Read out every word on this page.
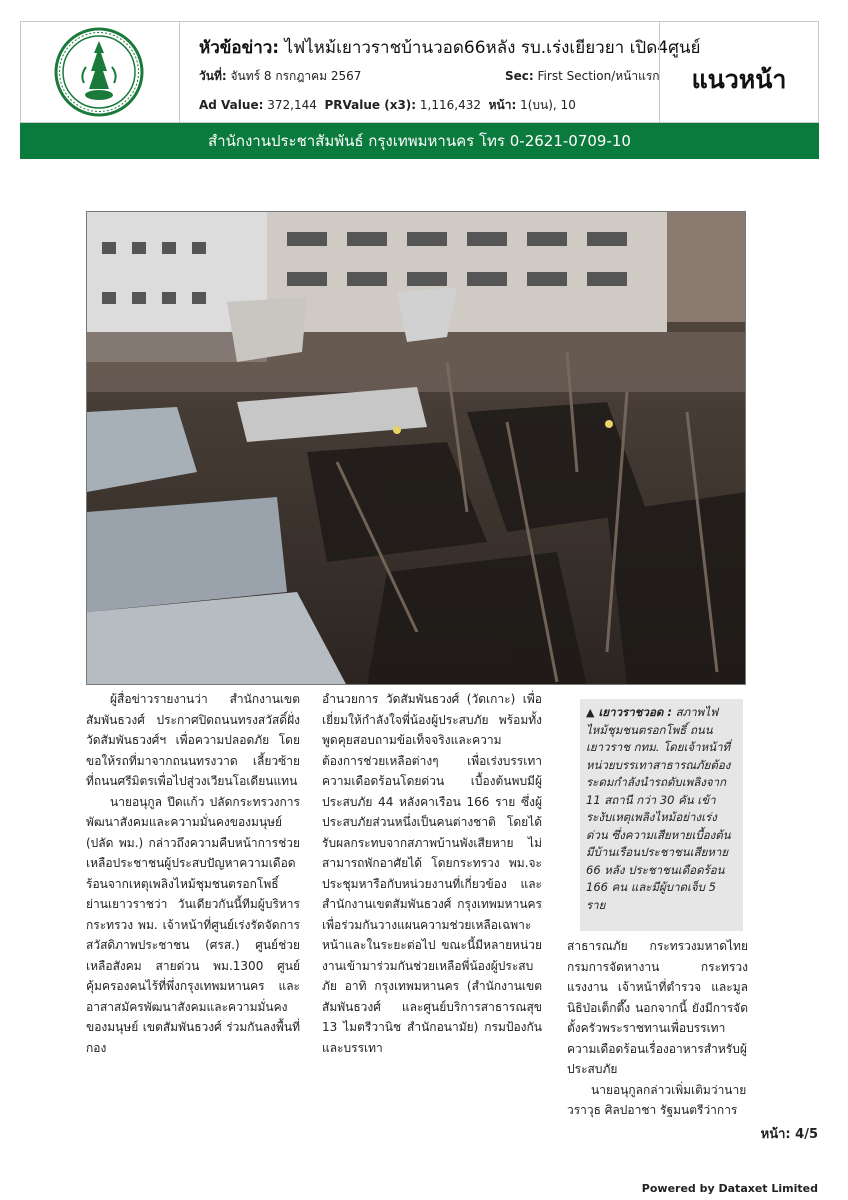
หัวข้อข่าว: ไฟไหม้เยาวราชบ้านวอด66หลัง รบ.เร่งเยียวยา เปิด4ศูนย์
วันที่: จันทร์ 8 กรกฎาคม 2567	Sec: First Section/หน้าแรก
Ad Value: 372,144 PRValue (x3): 1,116,432 หน้า: 1(บน), 10
แนวหน้า
สำนักงานประชาสัมพันธ์ กรุงเทพมหานคร โทร 0-2621-0709-10

ผู้สื่อข่าวรายงานว่า สำนักงานเขตสัมพันธวงศ์ ประกาศปิดถนนทรงสวัสดิ์ฝั่งวัดสัมพันธวงศ์ฯ เพื่อความปลอดภัย โดยขอให้รถที่มาจากถนนทรงวาด เลี้ยวซ้าย ที่ถนนศรีมิตรเพื่อไปสู่วงเวียนโอเดียนแทน

นายอนุกูล ปีดแก้ว ปลัดกระทรวงการพัฒนาสังคมและความมั่นคงของมนุษย์ (ปลัด พม.) กล่าวถึงความคืบหน้าการช่วยเหลือประชาชนผู้ประสบปัญหาความเดือดร้อนจากเหตุเพลิงไหม้ชุมชนตรอกโพธิ์ ย่านเยาวราชว่า วันเดียวกันนี้ทีมผู้บริหารกระทรวง พม. เจ้าหน้าที่ศูนย์เร่งรัดจัดการสวัสดิภาพประชาชน (ศรส.) ศูนย์ช่วยเหลือสังคม สายด่วน พม.1300 ศูนย์คุ้มครองคนไร้ที่พึ่งกรุงเทพมหานคร และอาสาสมัครพัฒนาสังคมและความมั่นคงของมนุษย์ เขตสัมพันธวงศ์ ร่วมกันลงพื้นที่กอง

อำนวยการ วัดสัมพันธวงศ์ (วัดเกาะ) เพื่อเยี่ยมให้กำลังใจพี่น้องผู้ประสบภัย พร้อมทั้งพูดคุยสอบถามข้อเท็จจริงและความต้องการช่วยเหลือต่างๆ เพื่อเร่งบรรเทาความเดือดร้อนโดยด่วน เบื้องต้นพบมีผู้ประสบภัย 44 หลังคาเรือน 166 ราย ซึ่งผู้ประสบภัยส่วนหนึ่งเป็นคนต่างชาติ โดยได้รับผลกระทบจากสภาพบ้านพังเสียหาย ไม่สามารถพักอาศัยได้ โดยกระทรวง พม.จะประชุมหารือกับหน่วยงานที่เกี่ยวข้อง และสำนักงานเขตสัมพันธวงศ์ กรุงเทพมหานคร เพื่อร่วมกันวางแผนความช่วยเหลือเฉพาะหน้าและในระยะต่อไป ขณะนี้มีหลายหน่วยงานเข้ามาร่วมกันช่วยเหลือพี่น้องผู้ประสบภัย อาทิ กรุงเทพมหานคร (สำนักงานเขตสัมพันธวงศ์ และศูนย์บริการสาธารณสุข 13 ไมตรีวานิช สำนักอนามัย) กรมป้องกันและบรรเทา

▲ เยาวราชวอด : สภาพไฟไหม้ชุมชนตรอกโพธิ์ ถนนเยาวราช กทม. โดยเจ้าหน้าที่หน่วยบรรเทาสาธารณภัยต้องระดมกำลังนำรถดับเพลิงจาก 11 สถานี กว่า 30 คัน เข้าระงับเหตุเพลิงไหม้อย่างเร่งด่วน ซึ่งความเสียหายเบื้องต้นมีบ้านเรือนประชาชนเสียหาย 66 หลัง ประชาชนเดือดร้อน 166 คน และมีผู้บาดเจ็บ 5 ราย

สาธารณภัย กระทรวงมหาดไทย กรมการจัดหางาน กระทรวงแรงงาน เจ้าหน้าที่ตำรวจ และมูลนิธิป่อเต็กตึ๊ง นอกจากนี้ ยังมีการจัดตั้งครัวพระราชทานเพื่อบรรเทาความเดือดร้อนเรื่องอาหารสำหรับผู้ประสบภัย

นายอนุกูลกล่าวเพิ่มเติมว่านายวราวุธ ศิลปอาชา รัฐมนตรีว่าการ

หน้า: 4/5
Powered by Dataxet Limited
